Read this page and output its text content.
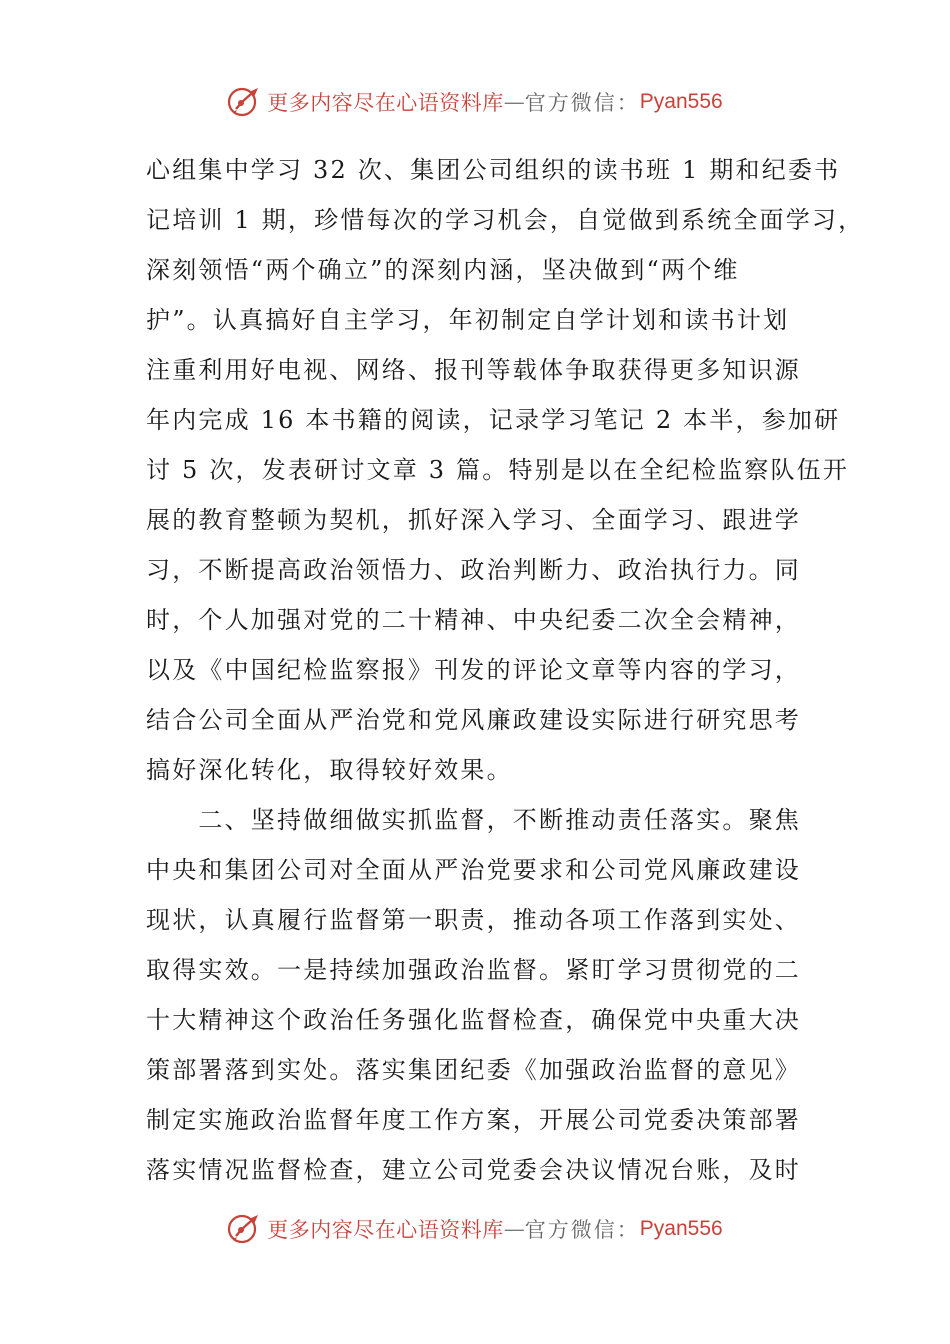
更多内容尽在心语资料库 — 官方微信： Pyan556
心组集中学习 32 次、集团公司组织的读书班 1 期和纪委书
记培训 1 期，珍惜每次的学习机会，自觉做到系统全面学习，
深刻领悟“两个确立”的深刻内涵，坚决做到“两个维
护”。认真搞好自主学习，年初制定自学计划和读书计划
注重利用好电视、网络、报刊等载体争取获得更多知识源
年内完成 16 本书籍的阅读，记录学习笔记 2 本半，参加研
讨 5 次，发表研讨文章 3 篇。特别是以在全纪检监察队伍开
展的教育整顿为契机，抓好深入学习、全面学习、跟进学
习，不断提高政治领悟力、政治判断力、政治执行力。同
时，个人加强对党的二十精神、中央纪委二次全会精神，
以及《中国纪检监察报》刊发的评论文章等内容的学习，
结合公司全面从严治党和党风廉政建设实际进行研究思考
搞好深化转化，取得较好效果。
　　二、坚持做细做实抓监督，不断推动责任落实。聚焦
中央和集团公司对全面从严治党要求和公司党风廉政建设
现状，认真履行监督第一职责，推动各项工作落到实处、
取得实效。一是持续加强政治监督。紧盯学习贯彻党的二
十大精神这个政治任务强化监督检查，确保党中央重大决
策部署落到实处。落实集团纪委《加强政治监督的意见》
制定实施政治监督年度工作方案，开展公司党委决策部署
落实情况监督检查，建立公司党委会决议情况台账，及时
更多内容尽在心语资料库 — 官方微信： Pyan556
